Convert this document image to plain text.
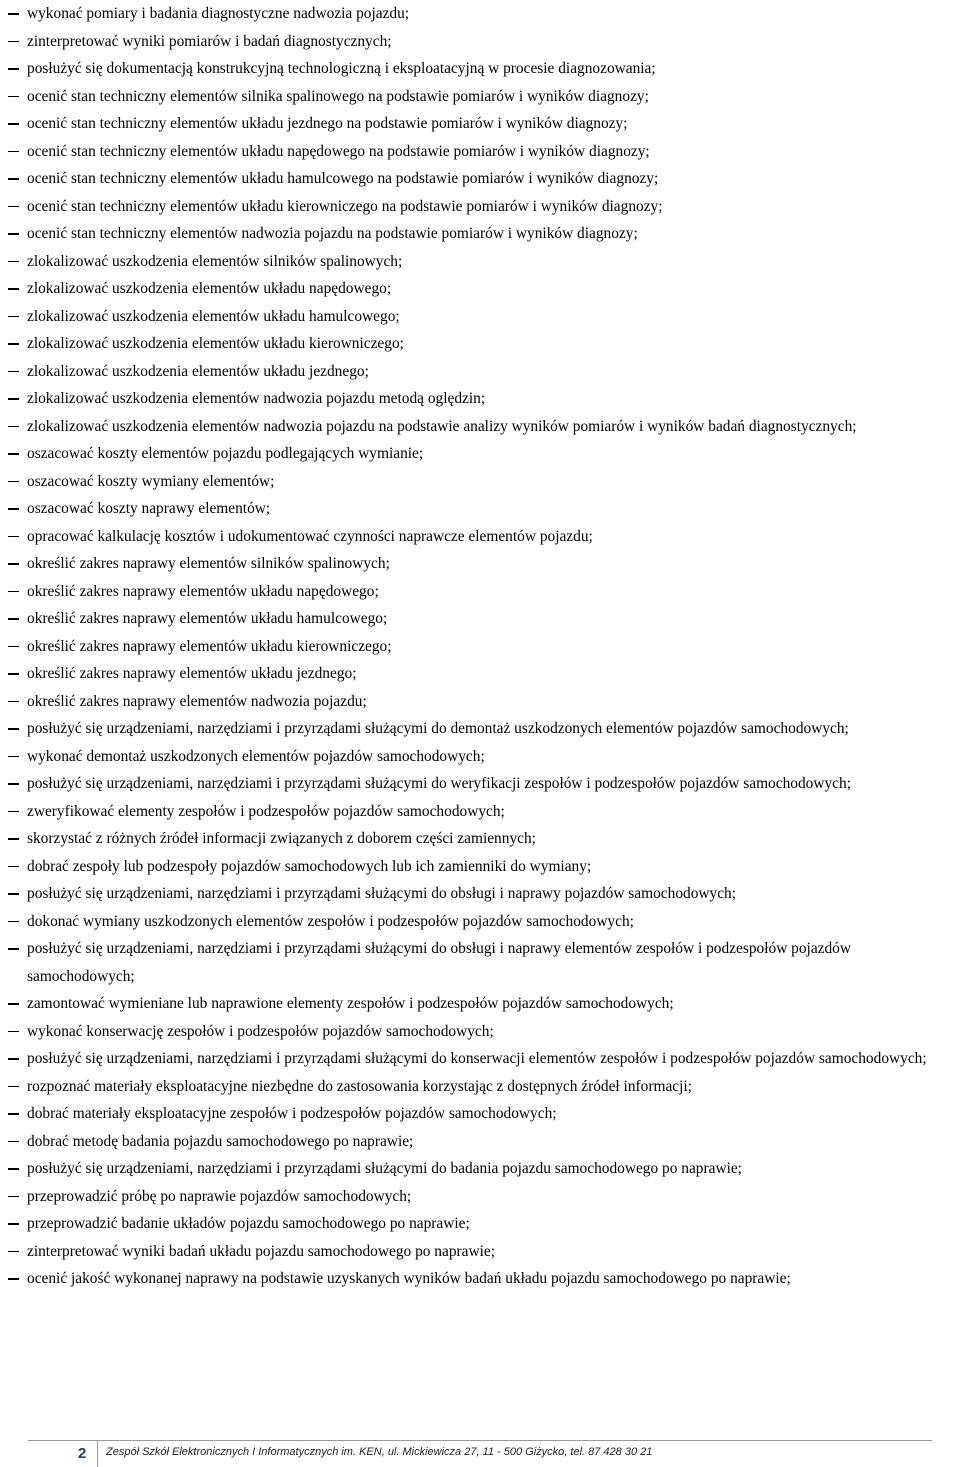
wykonać pomiary i badania diagnostyczne nadwozia pojazdu;
zinterpretować wyniki pomiarów i badań diagnostycznych;
posłużyć się dokumentacją konstrukcyjną technologiczną i eksploatacyjną w procesie diagnozowania;
ocenić stan techniczny elementów silnika spalinowego na podstawie pomiarów i wyników diagnozy;
ocenić stan techniczny elementów układu jezdnego na podstawie pomiarów i wyników diagnozy;
ocenić stan techniczny elementów układu napędowego na podstawie pomiarów i wyników diagnozy;
ocenić stan techniczny elementów układu hamulcowego na podstawie pomiarów i wyników diagnozy;
ocenić stan techniczny elementów układu kierowniczego na podstawie pomiarów i wyników diagnozy;
ocenić stan techniczny elementów nadwozia pojazdu na podstawie pomiarów i wyników diagnozy;
zlokalizować uszkodzenia elementów silników spalinowych;
zlokalizować uszkodzenia elementów układu napędowego;
zlokalizować uszkodzenia elementów układu hamulcowego;
zlokalizować uszkodzenia elementów układu kierowniczego;
zlokalizować uszkodzenia elementów układu jezdnego;
zlokalizować uszkodzenia elementów nadwozia pojazdu metodą oględzin;
zlokalizować uszkodzenia elementów nadwozia pojazdu na podstawie analizy wyników pomiarów i wyników badań diagnostycznych;
oszacować koszty elementów pojazdu podlegających wymianie;
oszacować koszty wymiany elementów;
oszacować koszty naprawy elementów;
opracować kalkulację kosztów i udokumentować czynności naprawcze elementów pojazdu;
określić zakres naprawy elementów silników spalinowych;
określić zakres naprawy elementów układu napędowego;
określić zakres naprawy elementów układu hamulcowego;
określić zakres naprawy elementów układu kierowniczego;
określić zakres naprawy elementów układu jezdnego;
określić zakres naprawy elementów nadwozia pojazdu;
posłużyć się urządzeniami, narzędziami i przyrządami służącymi do demontaż uszkodzonych elementów pojazdów samochodowych;
wykonać demontaż uszkodzonych elementów pojazdów samochodowych;
posłużyć się urządzeniami, narzędziami i przyrządami służącymi do weryfikacji zespołów i podzespołów pojazdów samochodowych;
zweryfikować elementy zespołów i podzespołów pojazdów samochodowych;
skorzystać z różnych źródeł informacji związanych z doborem części zamiennych;
dobrać zespoły lub podzespoły pojazdów samochodowych lub ich zamienniki do wymiany;
posłużyć się urządzeniami, narzędziami i przyrządami służącymi do obsługi i naprawy pojazdów samochodowych;
dokonać wymiany uszkodzonych elementów zespołów i podzespołów pojazdów samochodowych;
posłużyć się urządzeniami, narzędziami i przyrządami służącymi do obsługi i naprawy elementów zespołów i podzespołów pojazdów samochodowych;
zamontować wymieniane lub naprawione elementy zespołów i podzespołów pojazdów samochodowych;
wykonać konserwację zespołów i podzespołów pojazdów samochodowych;
posłużyć się urządzeniami, narzędziami i przyrządami służącymi do konserwacji elementów zespołów i podzespołów pojazdów samochodowych;
rozpoznać materiały eksploatacyjne niezbędne do zastosowania korzystając z dostępnych źródeł informacji;
dobrać materiały eksploatacyjne zespołów i podzespołów pojazdów samochodowych;
dobrać metodę badania pojazdu samochodowego po naprawie;
posłużyć się urządzeniami, narzędziami i przyrządami służącymi do badania pojazdu samochodowego po naprawie;
przeprowadzić próbę po naprawie pojazdów samochodowych;
przeprowadzić badanie układów pojazdu samochodowego po naprawie;
zinterpretować wyniki badań układu pojazdu samochodowego po naprawie;
ocenić jakość wykonanej naprawy na podstawie uzyskanych wyników badań układu pojazdu samochodowego po naprawie;
2 Zespół Szkół Elektronicznych I Informatycznych im. KEN, ul. Mickiewicza 27, 11 - 500 Giżycko, tel. 87 428 30 21
